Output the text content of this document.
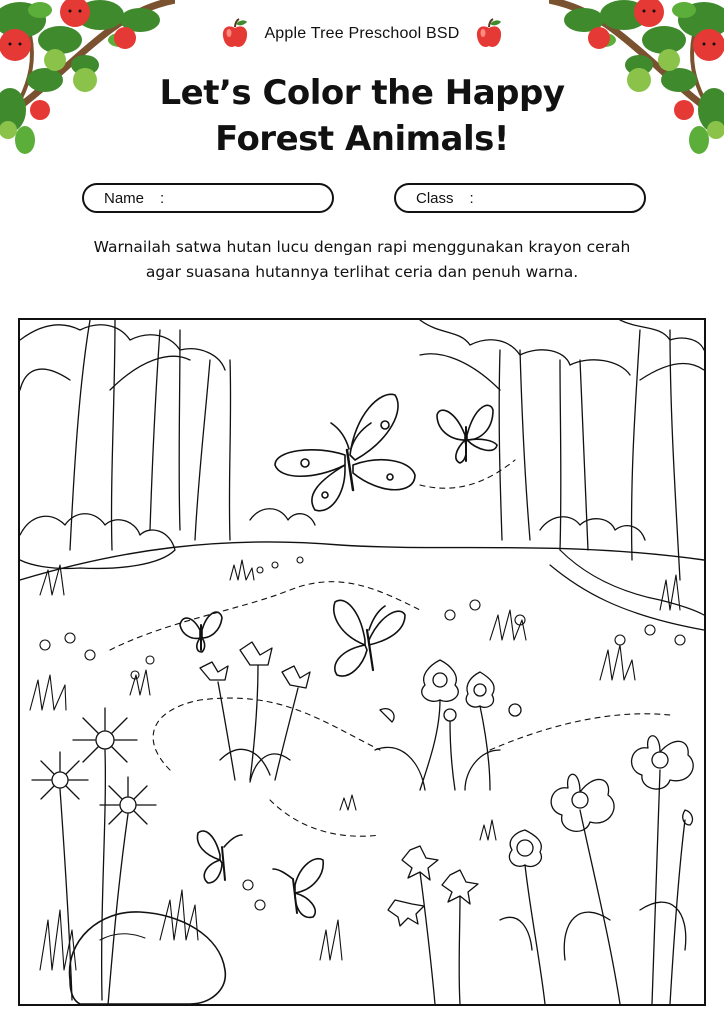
Apple Tree Preschool BSD
Let’s Color the Happy
Forest Animals!
Name :	Class :
Warnailah satwa hutan lucu dengan rapi menggunakan krayon cerah
agar suasana hutannya terlihat ceria dan penuh warna.
